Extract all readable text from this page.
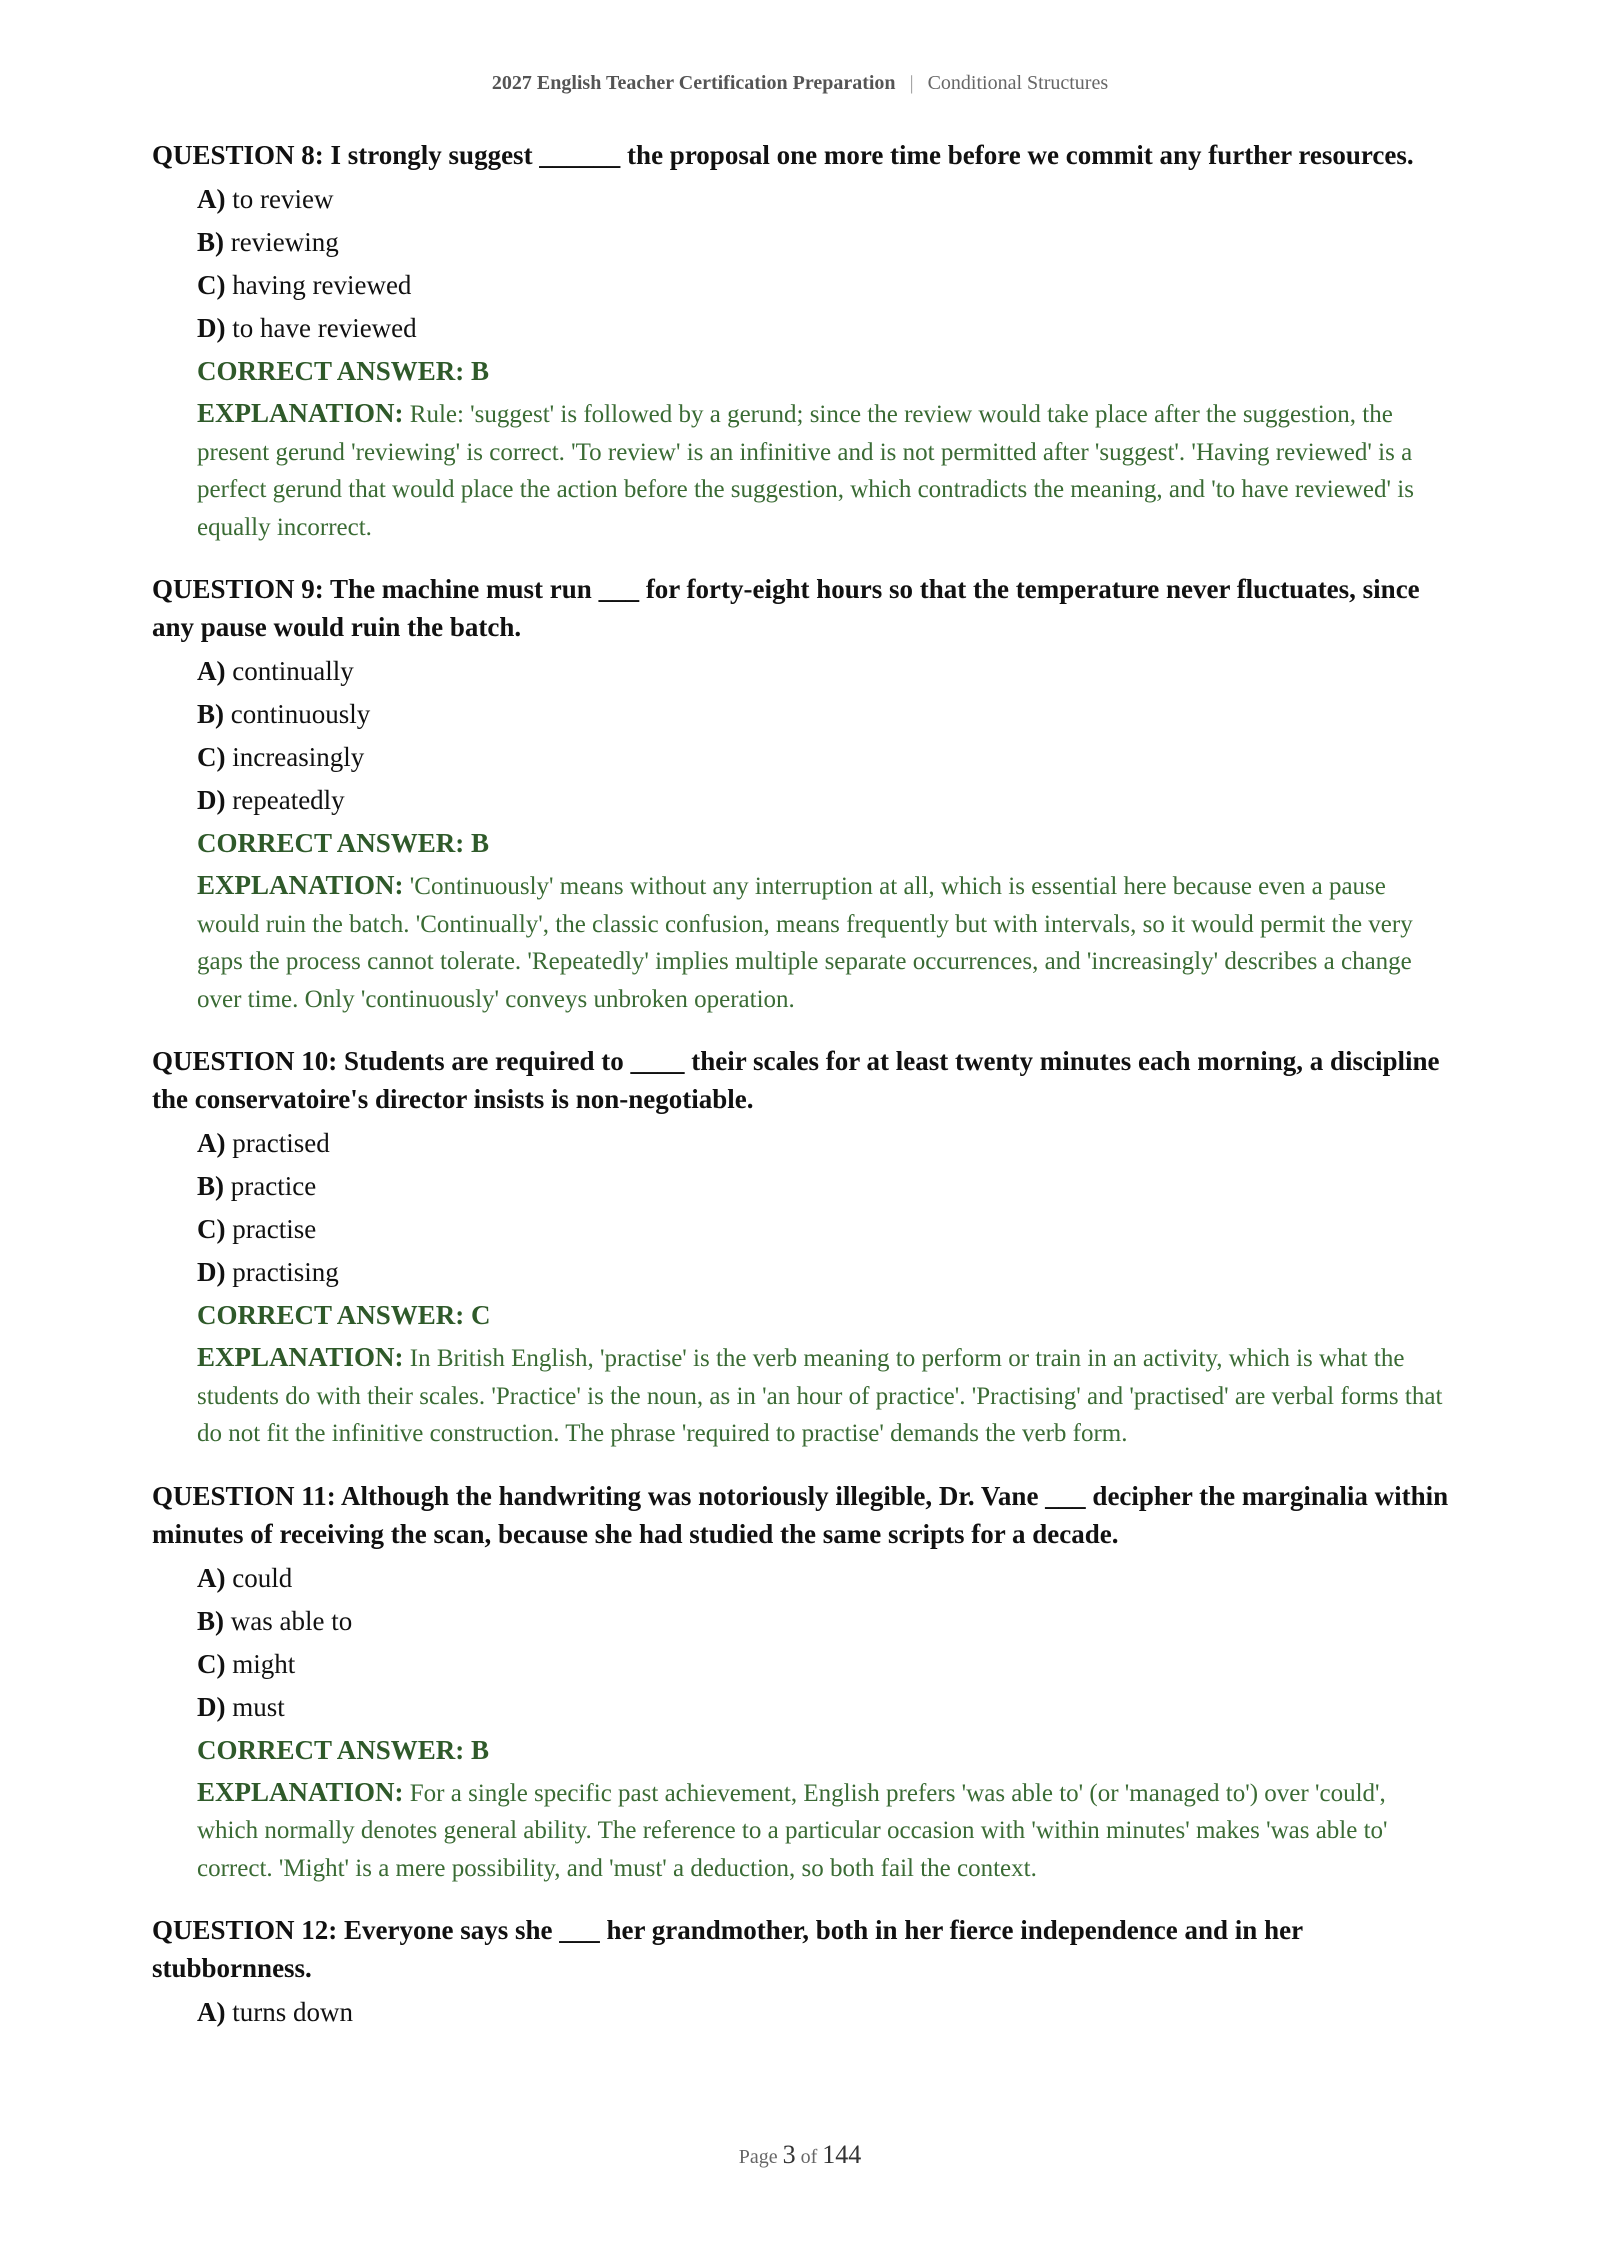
2027 English Teacher Certification Preparation | Conditional Structures
QUESTION 8: I strongly suggest ______ the proposal one more time before we commit any further resources.
A) to review
B) reviewing
C) having reviewed
D) to have reviewed
CORRECT ANSWER: B
EXPLANATION: Rule: 'suggest' is followed by a gerund; since the review would take place after the suggestion, the present gerund 'reviewing' is correct. 'To review' is an infinitive and is not permitted after 'suggest'. 'Having reviewed' is a perfect gerund that would place the action before the suggestion, which contradicts the meaning, and 'to have reviewed' is equally incorrect.
QUESTION 9: The machine must run ___ for forty-eight hours so that the temperature never fluctuates, since any pause would ruin the batch.
A) continually
B) continuously
C) increasingly
D) repeatedly
CORRECT ANSWER: B
EXPLANATION: 'Continuously' means without any interruption at all, which is essential here because even a pause would ruin the batch. 'Continually', the classic confusion, means frequently but with intervals, so it would permit the very gaps the process cannot tolerate. 'Repeatedly' implies multiple separate occurrences, and 'increasingly' describes a change over time. Only 'continuously' conveys unbroken operation.
QUESTION 10: Students are required to ____ their scales for at least twenty minutes each morning, a discipline the conservatoire's director insists is non-negotiable.
A) practised
B) practice
C) practise
D) practising
CORRECT ANSWER: C
EXPLANATION: In British English, 'practise' is the verb meaning to perform or train in an activity, which is what the students do with their scales. 'Practice' is the noun, as in 'an hour of practice'. 'Practising' and 'practised' are verbal forms that do not fit the infinitive construction. The phrase 'required to practise' demands the verb form.
QUESTION 11: Although the handwriting was notoriously illegible, Dr. Vane ___ decipher the marginalia within minutes of receiving the scan, because she had studied the same scripts for a decade.
A) could
B) was able to
C) might
D) must
CORRECT ANSWER: B
EXPLANATION: For a single specific past achievement, English prefers 'was able to' (or 'managed to') over 'could', which normally denotes general ability. The reference to a particular occasion with 'within minutes' makes 'was able to' correct. 'Might' is a mere possibility, and 'must' a deduction, so both fail the context.
QUESTION 12: Everyone says she ___ her grandmother, both in her fierce independence and in her stubbornness.
A) turns down
Page 3 of 144
